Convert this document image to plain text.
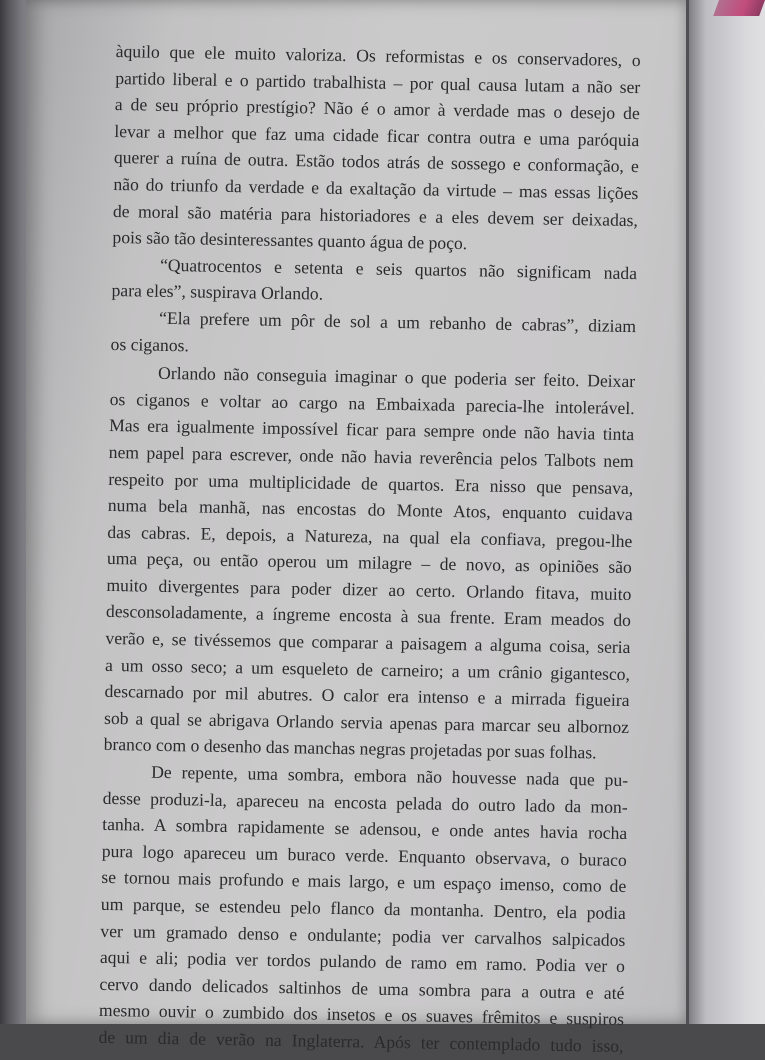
àquilo que ele muito valoriza. Os reformistas e os conservadores, o
partido liberal e o partido trabalhista – por qual causa lutam a não ser
a de seu próprio prestígio? Não é o amor à verdade mas o desejo de
levar a melhor que faz uma cidade ficar contra outra e uma paróquia
querer a ruína de outra. Estão todos atrás de sossego e conformação, e
não do triunfo da verdade e da exaltação da virtude – mas essas lições
de moral são matéria para historiadores e a eles devem ser deixadas,
pois são tão desinteressantes quanto água de poço.
“Quatrocentos e setenta e seis quartos não significam nada
para eles”, suspirava Orlando.
“Ela prefere um pôr de sol a um rebanho de cabras”, diziam
os ciganos.
Orlando não conseguia imaginar o que poderia ser feito. Deixar
os ciganos e voltar ao cargo na Embaixada parecia-lhe intolerável.
Mas era igualmente impossível ficar para sempre onde não havia tinta
nem papel para escrever, onde não havia reverência pelos Talbots nem
respeito por uma multiplicidade de quartos. Era nisso que pensava,
numa bela manhã, nas encostas do Monte Atos, enquanto cuidava
das cabras. E, depois, a Natureza, na qual ela confiava, pregou-lhe
uma peça, ou então operou um milagre – de novo, as opiniões são
muito divergentes para poder dizer ao certo. Orlando fitava, muito
desconsoladamente, a íngreme encosta à sua frente. Eram meados do
verão e, se tivéssemos que comparar a paisagem a alguma coisa, seria
a um osso seco; a um esqueleto de carneiro; a um crânio gigantesco,
descarnado por mil abutres. O calor era intenso e a mirrada figueira
sob a qual se abrigava Orlando servia apenas para marcar seu albornoz
branco com o desenho das manchas negras projetadas por suas folhas.
De repente, uma sombra, embora não houvesse nada que pu-
desse produzi-la, apareceu na encosta pelada do outro lado da mon-
tanha. A sombra rapidamente se adensou, e onde antes havia rocha
pura logo apareceu um buraco verde. Enquanto observava, o buraco
se tornou mais profundo e mais largo, e um espaço imenso, como de
um parque, se estendeu pelo flanco da montanha. Dentro, ela podia
ver um gramado denso e ondulante; podia ver carvalhos salpicados
aqui e ali; podia ver tordos pulando de ramo em ramo. Podia ver o
cervo dando delicados saltinhos de uma sombra para a outra e até
mesmo ouvir o zumbido dos insetos e os suaves frêmitos e suspiros
de um dia de verão na Inglaterra. Após ter contemplado tudo isso,
